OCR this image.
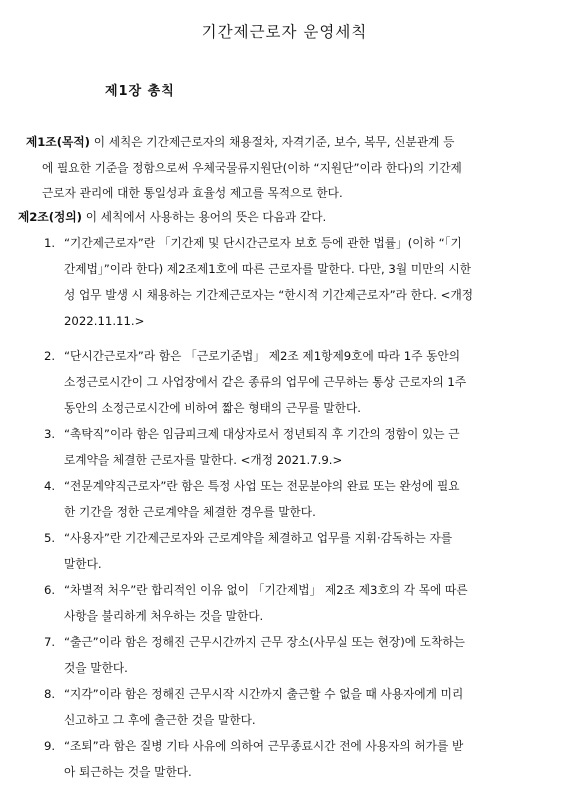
기간제근로자 운영세칙
제1장 총칙
제1조(목적) 이 세칙은 기간제근로자의 채용절차, 자격기준, 보수, 복무, 신분관계 등
에 필요한 기준을 정함으로써 우체국물류지원단(이하 “지원단”이라 한다)의 기간제
근로자 관리에 대한 통일성과 효율성 제고를 목적으로 한다.
제2조(정의) 이 세칙에서 사용하는 용어의 뜻은 다음과 같다.
1. “기간제근로자”란 「기간제 및 단시간근로자 보호 등에 관한 법률」(이하 “「기
간제법」”이라 한다) 제2조제1호에 따른 근로자를 말한다. 다만, 3월 미만의 시한
성 업무 발생 시 채용하는 기간제근로자는 “한시적 기간제근로자”라 한다. <개정
2022.11.11.>
2. “단시간근로자”라 함은 「근로기준법」 제2조 제1항제9호에 따라 1주 동안의
소정근로시간이 그 사업장에서 같은 종류의 업무에 근무하는 통상 근로자의 1주
동안의 소정근로시간에 비하여 짧은 형태의 근무를 말한다.
3. “촉탁직”이라 함은 임금피크제 대상자로서 정년퇴직 후 기간의 정함이 있는 근
로계약을 체결한 근로자를 말한다. <개정 2021.7.9.>
4. “전문계약직근로자”란 함은 특정 사업 또는 전문분야의 완료 또는 완성에 필요
한 기간을 정한 근로계약을 체결한 경우를 말한다.
5. “사용자”란 기간제근로자와 근로계약을 체결하고 업무를 지휘·감독하는 자를
말한다.
6. “차별적 처우”란 합리적인 이유 없이 「기간제법」 제2조 제3호의 각 목에 따른
사항을 불리하게 처우하는 것을 말한다.
7. “출근”이라 함은 정해진 근무시간까지 근무 장소(사무실 또는 현장)에 도착하는
것을 말한다.
8. “지각”이라 함은 정해진 근무시작 시간까지 출근할 수 없을 때 사용자에게 미리
신고하고 그 후에 출근한 것을 말한다.
9. “조퇴”라 함은 질병 기타 사유에 의하여 근무종료시간 전에 사용자의 허가를 받
아 퇴근하는 것을 말한다.
